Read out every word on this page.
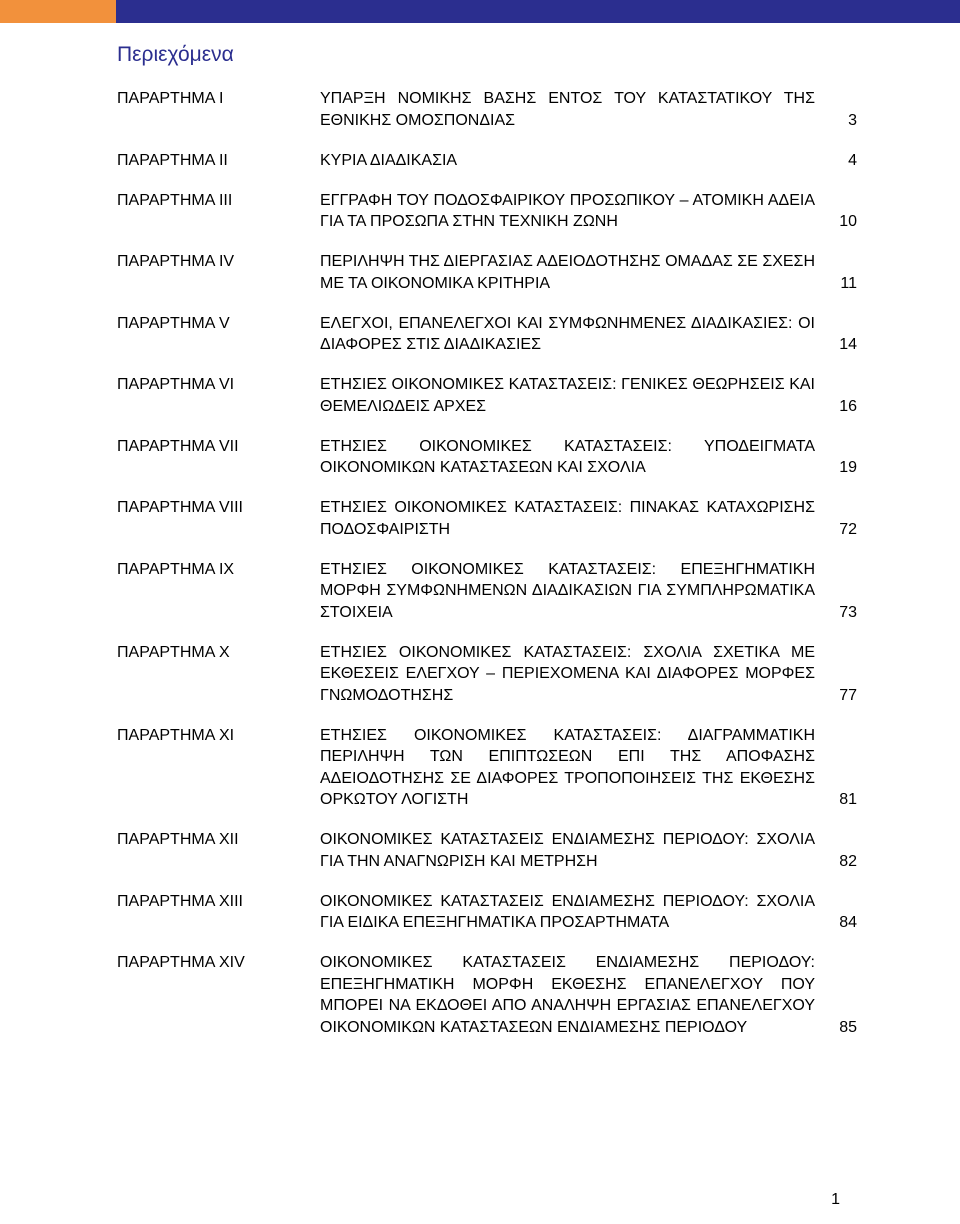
Περιεχόμενα
ΠΑΡΑΡΤΗΜΑ Ι	ΥΠΑΡΞΗ ΝΟΜΙΚΗΣ ΒΑΣΗΣ ΕΝΤΟΣ ΤΟΥ ΚΑΤΑΣΤΑΤΙΚΟΥ ΤΗΣ ΕΘΝΙΚΗΣ ΟΜΟΣΠΟΝΔΙΑΣ	3
ΠΑΡΑΡΤΗΜΑ ΙΙ	ΚΥΡΙΑ ΔΙΑΔΙΚΑΣΙΑ	4
ΠΑΡΑΡΤΗΜΑ ΙΙΙ	ΕΓΓΡΑΦΗ ΤΟΥ ΠΟΔΟΣΦΑΙΡΙΚΟΥ ΠΡΟΣΩΠΙΚΟΥ – ΑΤΟΜΙΚΗ ΑΔΕΙΑ ΓΙΑ ΤΑ ΠΡΟΣΩΠΑ ΣΤΗΝ ΤΕΧΝΙΚΗ ΖΩΝΗ	10
ΠΑΡΑΡΤΗΜΑ IV	ΠΕΡΙΛΗΨΗ ΤΗΣ ΔΙΕΡΓΑΣΙΑΣ ΑΔΕΙΟΔΟΤΗΣΗΣ ΟΜΑΔΑΣ ΣΕ ΣΧΕΣΗ ΜΕ ΤΑ ΟΙΚΟΝΟΜΙΚΑ ΚΡΙΤΗΡΙΑ	11
ΠΑΡΑΡΤΗΜΑ V	ΕΛΕΓΧΟΙ, ΕΠΑΝΕΛΕΓΧΟΙ ΚΑΙ ΣΥΜΦΩΝΗΜΕΝΕΣ ΔΙΑΔΙΚΑΣΙΕΣ: ΟΙ ΔΙΑΦΟΡΕΣ ΣΤΙΣ ΔΙΑΔΙΚΑΣΙΕΣ	14
ΠΑΡΑΡΤΗΜΑ VI	ΕΤΗΣΙΕΣ ΟΙΚΟΝΟΜΙΚΕΣ ΚΑΤΑΣΤΑΣΕΙΣ: ΓΕΝΙΚΕΣ ΘΕΩΡΗΣΕΙΣ ΚΑΙ ΘΕΜΕΛΙΩΔΕΙΣ ΑΡΧΕΣ	16
ΠΑΡΑΡΤΗΜΑ VII	ΕΤΗΣΙΕΣ ΟΙΚΟΝΟΜΙΚΕΣ ΚΑΤΑΣΤΑΣΕΙΣ: ΥΠΟΔΕΙΓΜΑΤΑ ΟΙΚΟΝΟΜΙΚΩΝ ΚΑΤΑΣΤΑΣΕΩΝ ΚΑΙ ΣΧΟΛΙΑ	19
ΠΑΡΑΡΤΗΜΑ VIII	ΕΤΗΣΙΕΣ ΟΙΚΟΝΟΜΙΚΕΣ ΚΑΤΑΣΤΑΣΕΙΣ: ΠΙΝΑΚΑΣ ΚΑΤΑΧΩΡΙΣΗΣ ΠΟΔΟΣΦΑΙΡΙΣΤΗ	72
ΠΑΡΑΡΤΗΜΑ IX	ΕΤΗΣΙΕΣ ΟΙΚΟΝΟΜΙΚΕΣ ΚΑΤΑΣΤΑΣΕΙΣ: ΕΠΕΞΗΓΗΜΑΤΙΚΗ ΜΟΡΦΗ ΣΥΜΦΩΝΗΜΕΝΩΝ ΔΙΑΔΙΚΑΣΙΩΝ ΓΙΑ ΣΥΜΠΛΗΡΩΜΑΤΙΚΑ ΣΤΟΙΧΕΙΑ	73
ΠΑΡΑΡΤΗΜΑ X	ΕΤΗΣΙΕΣ ΟΙΚΟΝΟΜΙΚΕΣ ΚΑΤΑΣΤΑΣΕΙΣ: ΣΧΟΛΙΑ ΣΧΕΤΙΚΑ ΜΕ ΕΚΘΕΣΕΙΣ ΕΛΕΓΧΟΥ – ΠΕΡΙΕΧΟΜΕΝΑ ΚΑΙ ΔΙΑΦΟΡΕΣ ΜΟΡΦΕΣ ΓΝΩΜΟΔΟΤΗΣΗΣ	77
ΠΑΡΑΡΤΗΜΑ XI	ΕΤΗΣΙΕΣ ΟΙΚΟΝΟΜΙΚΕΣ ΚΑΤΑΣΤΑΣΕΙΣ: ΔΙΑΓΡΑΜΜΑΤΙΚΗ ΠΕΡΙΛΗΨΗ ΤΩΝ ΕΠΙΠΤΩΣΕΩΝ ΕΠΙ ΤΗΣ ΑΠΟΦΑΣΗΣ ΑΔΕΙΟΔΟΤΗΣΗΣ ΣΕ ΔΙΑΦΟΡΕΣ ΤΡΟΠΟΠΟΙΗΣΕΙΣ ΤΗΣ ΕΚΘΕΣΗΣ ΟΡΚΩΤΟΥ ΛΟΓΙΣΤΗ	81
ΠΑΡΑΡΤΗΜΑ XII	ΟΙΚΟΝΟΜΙΚΕΣ ΚΑΤΑΣΤΑΣΕΙΣ ΕΝΔΙΑΜΕΣΗΣ ΠΕΡΙΟΔΟΥ: ΣΧΟΛΙΑ ΓΙΑ ΤΗΝ ΑΝΑΓΝΩΡΙΣΗ ΚΑΙ ΜΕΤΡΗΣΗ	82
ΠΑΡΑΡΤΗΜΑ XIII	ΟΙΚΟΝΟΜΙΚΕΣ ΚΑΤΑΣΤΑΣΕΙΣ ΕΝΔΙΑΜΕΣΗΣ ΠΕΡΙΟΔΟΥ: ΣΧΟΛΙΑ ΓΙΑ ΕΙΔΙΚΑ ΕΠΕΞΗΓΗΜΑΤΙΚΑ ΠΡΟΣΑΡΤΗΜΑΤΑ	84
ΠΑΡΑΡΤΗΜΑ XIV	ΟΙΚΟΝΟΜΙΚΕΣ ΚΑΤΑΣΤΑΣΕΙΣ ΕΝΔΙΑΜΕΣΗΣ ΠΕΡΙΟΔΟΥ: ΕΠΕΞΗΓΗΜΑΤΙΚΗ ΜΟΡΦΗ ΕΚΘΕΣΗΣ ΕΠΑΝΕΛΕΓΧΟΥ ΠΟΥ ΜΠΟΡΕΙ ΝΑ ΕΚΔΟΘΕΙ ΑΠΟ ΑΝΑΛΗΨΗ ΕΡΓΑΣΙΑΣ ΕΠΑΝΕΛΕΓΧΟΥ ΟΙΚΟΝΟΜΙΚΩΝ ΚΑΤΑΣΤΑΣΕΩΝ ΕΝΔΙΑΜΕΣΗΣ ΠΕΡΙΟΔΟΥ	85
1
